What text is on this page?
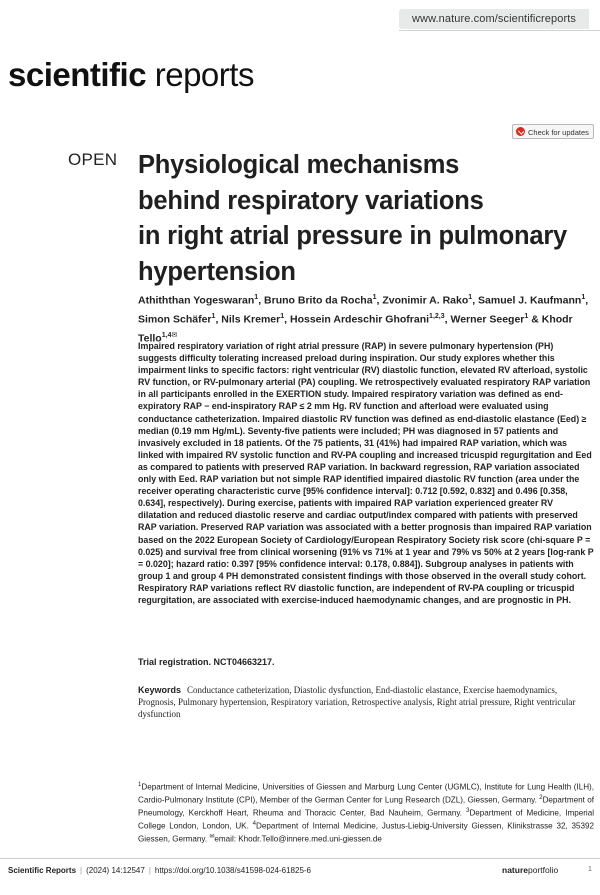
www.nature.com/scientificreports
scientific reports
Check for updates
OPEN Physiological mechanisms
behind respiratory variations
in right atrial pressure in pulmonary
hypertension
Athiththan Yogeswaran$^1$, Bruno Brito da Rocha$^1$, Zvonimir A. Rako$^1$, Samuel J. Kaufmann$^1$, Simon Schäfer$^1$, Nils Kremer$^1$, Hossein Ardeschir Ghofrani$^{1,2,3}$, Werner Seeger$^1$ & Khodr Tello$^{1,4✉}$

Impaired respiratory variation of right atrial pressure (RAP) in severe pulmonary hypertension (PH) suggests difficulty tolerating increased preload during inspiration. Our study explores whether this impairment links to specific factors: right ventricular (RV) diastolic function, elevated RV afterload, systolic RV function, or RV-pulmonary arterial (PA) coupling. We retrospectively evaluated respiratory RAP variation in all participants enrolled in the EXERTION study. Impaired respiratory variation was defined as end-expiratory RAP − end-inspiratory RAP ≤ 2 mm Hg. RV function and afterload were evaluated using conductance catheterization. Impaired diastolic RV function was defined as end-diastolic elastance (Eed) ≥ median (0.19 mm Hg/mL). Seventy-five patients were included; PH was diagnosed in 57 patients and invasively excluded in 18 patients. Of the 75 patients, 31 (41%) had impaired RAP variation, which was linked with impaired RV systolic function and RV-PA coupling and increased tricuspid regurgitation and Eed as compared to patients with preserved RAP variation. In backward regression, RAP variation associated only with Eed. RAP variation but not simple RAP identified impaired diastolic RV function (area under the receiver operating characteristic curve [95% confidence interval]: 0.712 [0.592, 0.832] and 0.496 [0.358, 0.634], respectively). During exercise, patients with impaired RAP variation experienced greater RV dilatation and reduced diastolic reserve and cardiac output/index compared with patients with preserved RAP variation. Preserved RAP variation was associated with a better prognosis than impaired RAP variation based on the 2022 European Society of Cardiology/European Respiratory Society risk score (chi-square P = 0.025) and survival free from clinical worsening (91% vs 71% at 1 year and 79% vs 50% at 2 years [log-rank P = 0.020]; hazard ratio: 0.397 [95% confidence interval: 0.178, 0.884]). Subgroup analyses in patients with group 1 and group 4 PH demonstrated consistent findings with those observed in the overall study cohort. Respiratory RAP variations reflect RV diastolic function, are independent of RV-PA coupling or tricuspid regurgitation, are associated with exercise-induced haemodynamic changes, and are prognostic in PH.

Trial registration. NCT04663217.
Keywords Conductance catheterization, Diastolic dysfunction, End-diastolic elastance, Exercise haemodynamics, Prognosis, Pulmonary hypertension, Respiratory variation, Retrospective analysis, Right atrial pressure, Right ventricular dysfunction
$^1$Department of Internal Medicine, Universities of Giessen and Marburg Lung Center (UGMLC), Institute for Lung Health (ILH), Cardio-Pulmonary Institute (CPI), Member of the German Center for Lung Research (DZL), Giessen, Germany. $^2$Department of Pneumology, Kerckhoff Heart, Rheuma and Thoracic Center, Bad Nauheim, Germany. $^3$Department of Medicine, Imperial College London, London, UK. $^4$Department of Internal Medicine, Justus-Liebig-University Giessen, Klinikstrasse 32, 35392 Giessen, Germany. ✉email: Khodr.Tello@innere.med.uni-giessen.de
Scientific Reports | (2024) 14:12547 | https://doi.org/10.1038/s41598-024-61825-6	natureportfolio	1
